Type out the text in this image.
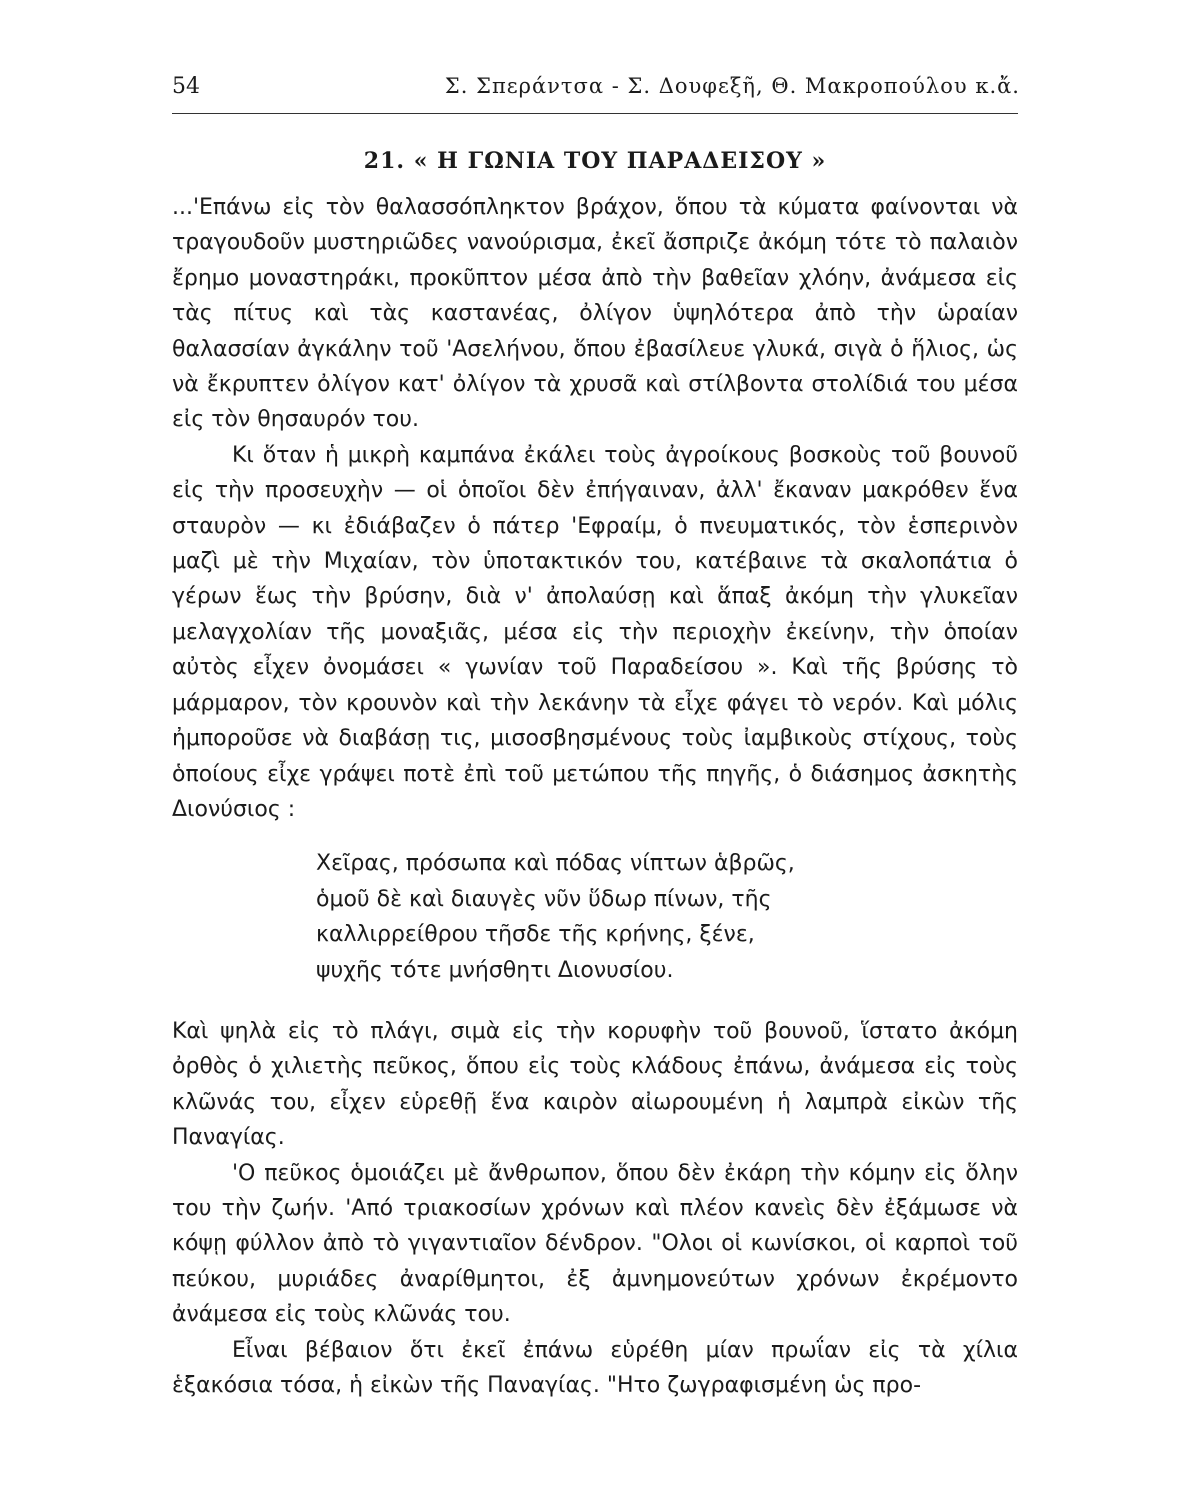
54	Σ. Σπεράντσα - Σ. Δουφεξῆ, Θ. Μακροπούλου κ.ἄ.
21. « Η ΓΩΝΙΑ ΤΟΥ ΠΑΡΑΔΕΙΣΟΥ »

...'Επάνω εἰς τὸν θαλασσόπληκτον βράχον, ὅπου τὰ κύματα φαίνονται νὰ τραγουδοῦν μυστηριῶδες νανούρισμα, ἐκεῖ ἄσπριζε ἀκόμη τότε τὸ παλαιὸν ἔρημο μοναστηράκι, προκῦπτον μέσα ἀπὸ τὴν βαθεῖαν χλόην, ἀνάμεσα εἰς τὰς πίτυς καὶ τὰς καστανέας, ὀλίγον ὑψηλότερα ἀπὸ τὴν ὡραίαν θαλασσίαν ἀγκάλην τοῦ 'Ασελήνου, ὅπου ἐβασίλευε γλυκά, σιγὰ ὁ ἥλιος, ὡς νὰ ἔκρυπτεν ὀλίγον κατ' ὀλίγον τὰ χρυσᾶ καὶ στίλβοντα στολίδιά του μέσα εἰς τὸν θησαυρόν του.

Κι ὅταν ἡ μικρὴ καμπάνα ἐκάλει τοὺς ἀγροίκους βοσκοὺς τοῦ βουνοῦ εἰς τὴν προσευχὴν — οἱ ὁποῖοι δὲν ἐπήγαιναν, ἀλλ' ἔκαναν μακρόθεν ἕνα σταυρὸν — κι ἐδιάβαζεν ὁ πάτερ 'Εφραίμ, ὁ πνευματικός, τὸν ἑσπερινὸν μαζὶ μὲ τὴν Μιχαίαν, τὸν ὑποτακτικόν του, κατέβαινε τὰ σκαλοπάτια ὁ γέρων ἕως τὴν βρύσην, διὰ ν' ἀπολαύσῃ καὶ ἅπαξ ἀκόμη τὴν γλυκεῖαν μελαγχολίαν τῆς μοναξιᾶς, μέσα εἰς τὴν περιοχὴν ἐκείνην, τὴν ὁποίαν αὐτὸς εἶχεν ὀνομάσει « γωνίαν τοῦ Παραδείσου ». Καὶ τῆς βρύσης τὸ μάρμαρον, τὸν κρουνὸν καὶ τὴν λεκάνην τὰ εἶχε φάγει τὸ νερόν. Καὶ μόλις ἠμποροῦσε νὰ διαβάσῃ τις, μισοσβησμένους τοὺς ἰαμβικοὺς στίχους, τοὺς ὁποίους εἶχε γράψει ποτὲ ἐπὶ τοῦ μετώπου τῆς πηγῆς, ὁ διάσημος ἀσκητὴς Διονύσιος :

Χεῖρας, πρόσωπα καὶ πόδας νίπτων ἁβρῶς,
ὁμοῦ δὲ καὶ διαυγὲς νῦν ὕδωρ πίνων, τῆς
καλλιρρείθρου τῆσδε τῆς κρήνης, ξένε,
ψυχῆς τότε μνήσθητι Διονυσίου.

Καὶ ψηλὰ εἰς τὸ πλάγι, σιμὰ εἰς τὴν κορυφὴν τοῦ βουνοῦ, ἵστατο ἀκόμη ὀρθὸς ὁ χιλιετὴς πεῦκος, ὅπου εἰς τοὺς κλάδους ἐπάνω, ἀνάμεσα εἰς τοὺς κλῶνάς του, εἶχεν εὑρεθῇ ἕνα καιρὸν αἰωρουμένη ἡ λαμπρὰ εἰκὼν τῆς Παναγίας.

'Ο πεῦκος ὁμοιάζει μὲ ἄνθρωπον, ὅπου δὲν ἐκάρη τὴν κόμην εἰς ὅλην του τὴν ζωήν. 'Από τριακοσίων χρόνων καὶ πλέον κανεὶς δὲν ἐξάμωσε νὰ κόψῃ φύλλον ἀπὸ τὸ γιγαντιαῖον δένδρον. "Ολοι οἱ κωνίσκοι, οἱ καρποὶ τοῦ πεύκου, μυριάδες ἀναρίθμητοι, ἐξ ἀμνημονεύτων χρόνων ἐκρέμοντο ἀνάμεσα εἰς τοὺς κλῶνάς του.

Εἶναι βέβαιον ὅτι ἐκεῖ ἐπάνω εὑρέθη μίαν πρωΐαν εἰς τὰ χίλια ἑξακόσια τόσα, ἡ εἰκὼν τῆς Παναγίας. "Ητο ζωγραφισμένη ὡς προ-
